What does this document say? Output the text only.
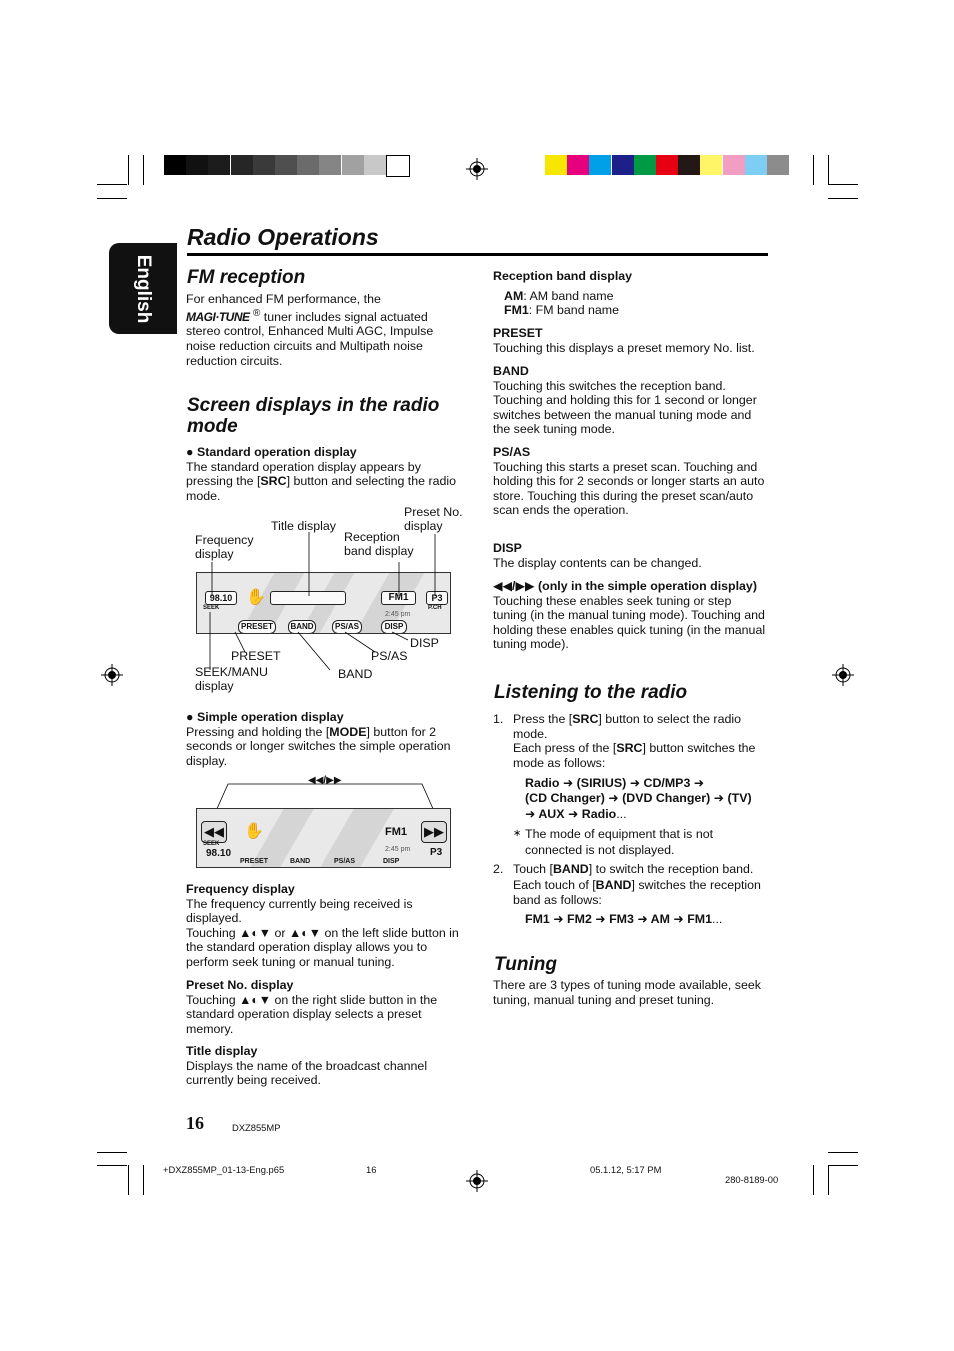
English
Radio Operations
FM reception
For enhanced FM performance, the
MAGI·TUNE ® tuner includes signal actuated stereo control, Enhanced Multi AGC, Impulse noise reduction circuits and Multipath noise reduction circuits.
Screen displays in the radio mode
● Standard operation display
The standard operation display appears by pressing the [SRC] button and selecting the radio mode.
Frequency display
Title display
Reception band display
Preset No. display
DISP
PS/AS
PRESET
BAND
SEEK/MANU display
98.10
SEEK
✋	FM1	P3
P.CH
2:45 pm
PRESET	BAND	PS/AS	DISP
● Simple operation display
Pressing and holding the [MODE] button for 2 seconds or longer switches the simple operation display.
◀◀/▶▶
◀◀ ✋	FM1 ▶▶
SEEK
98.10	2:45 pm P3
PRESET	BAND	PS/AS	DISP
Frequency display
The frequency currently being received is displayed.
Touching ▲◐▼ or ▲◐▼ on the left slide button in the standard operation display allows you to perform seek tuning or manual tuning.
Preset No. display
Touching ▲◐▼ on the right slide button in the standard operation display selects a preset memory.
Title display
Displays the name of the broadcast channel currently being received.
Reception band display
AM: AM band name
FM1: FM band name
PRESET
Touching this displays a preset memory No. list.
BAND
Touching this switches the reception band. Touching and holding this for 1 second or longer switches between the manual tuning mode and the seek tuning mode.
PS/AS
Touching this starts a preset scan. Touching and holding this for 2 seconds or longer starts an auto store. Touching this during the preset scan/auto scan ends the operation.
DISP
The display contents can be changed.
◀◀/▶▶ (only in the simple operation display)
Touching these enables seek tuning or step tuning (in the manual tuning mode). Touching and holding these enables quick tuning (in the manual tuning mode).
Listening to the radio
1. Press the [SRC] button to select the radio mode.
Each press of the [SRC] button switches the mode as follows:
Radio ➜ (SIRIUS) ➜ CD/MP3 ➜
(CD Changer) ➜ (DVD Changer) ➜ (TV)
➜ AUX ➜ Radio...
∗ The mode of equipment that is not connected is not displayed.
2. Touch [BAND] to switch the reception band.
Each touch of [BAND] switches the reception band as follows:
FM1 ➜ FM2 ➜ FM3 ➜ AM ➜ FM1...
Tuning
There are 3 types of tuning mode available, seek tuning, manual tuning and preset tuning.
16	DXZ855MP
+DXZ855MP_01-13-Eng.p65	16	05.1.12, 5:17 PM
280-8189-00
